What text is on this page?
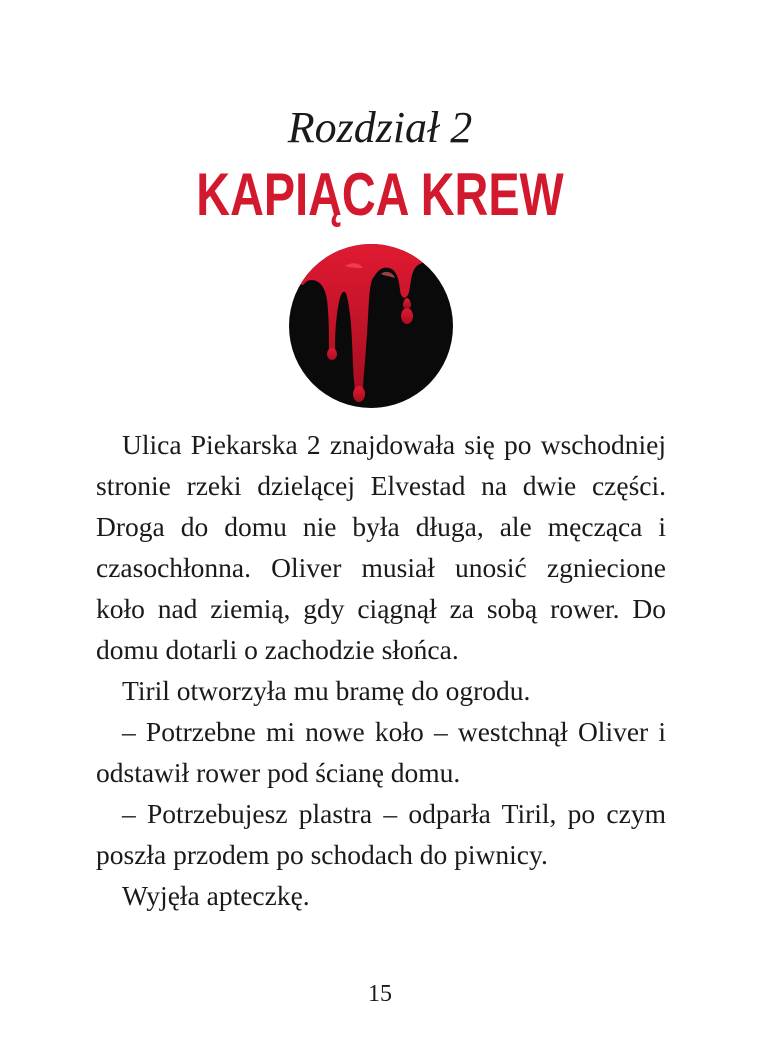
Rozdział 2
KAPIĄCA KREW

Ulica Piekarska 2 znajdowała się po wschodniej stronie rzeki dzielącej Elvestad na dwie części. Droga do domu nie była długa, ale męcząca i czasochłonna. Oliver musiał unosić zgniecione koło nad ziemią, gdy ciągnął za sobą rower. Do domu dotarli o zachodzie słońca.

Tiril otworzyła mu bramę do ogrodu.

– Potrzebne mi nowe koło – westchnął Oliver i odstawił rower pod ścianę domu.

– Potrzebujesz plastra – odparła Tiril, po czym poszła przodem po schodach do piwnicy.

Wyjęła apteczkę.

15
